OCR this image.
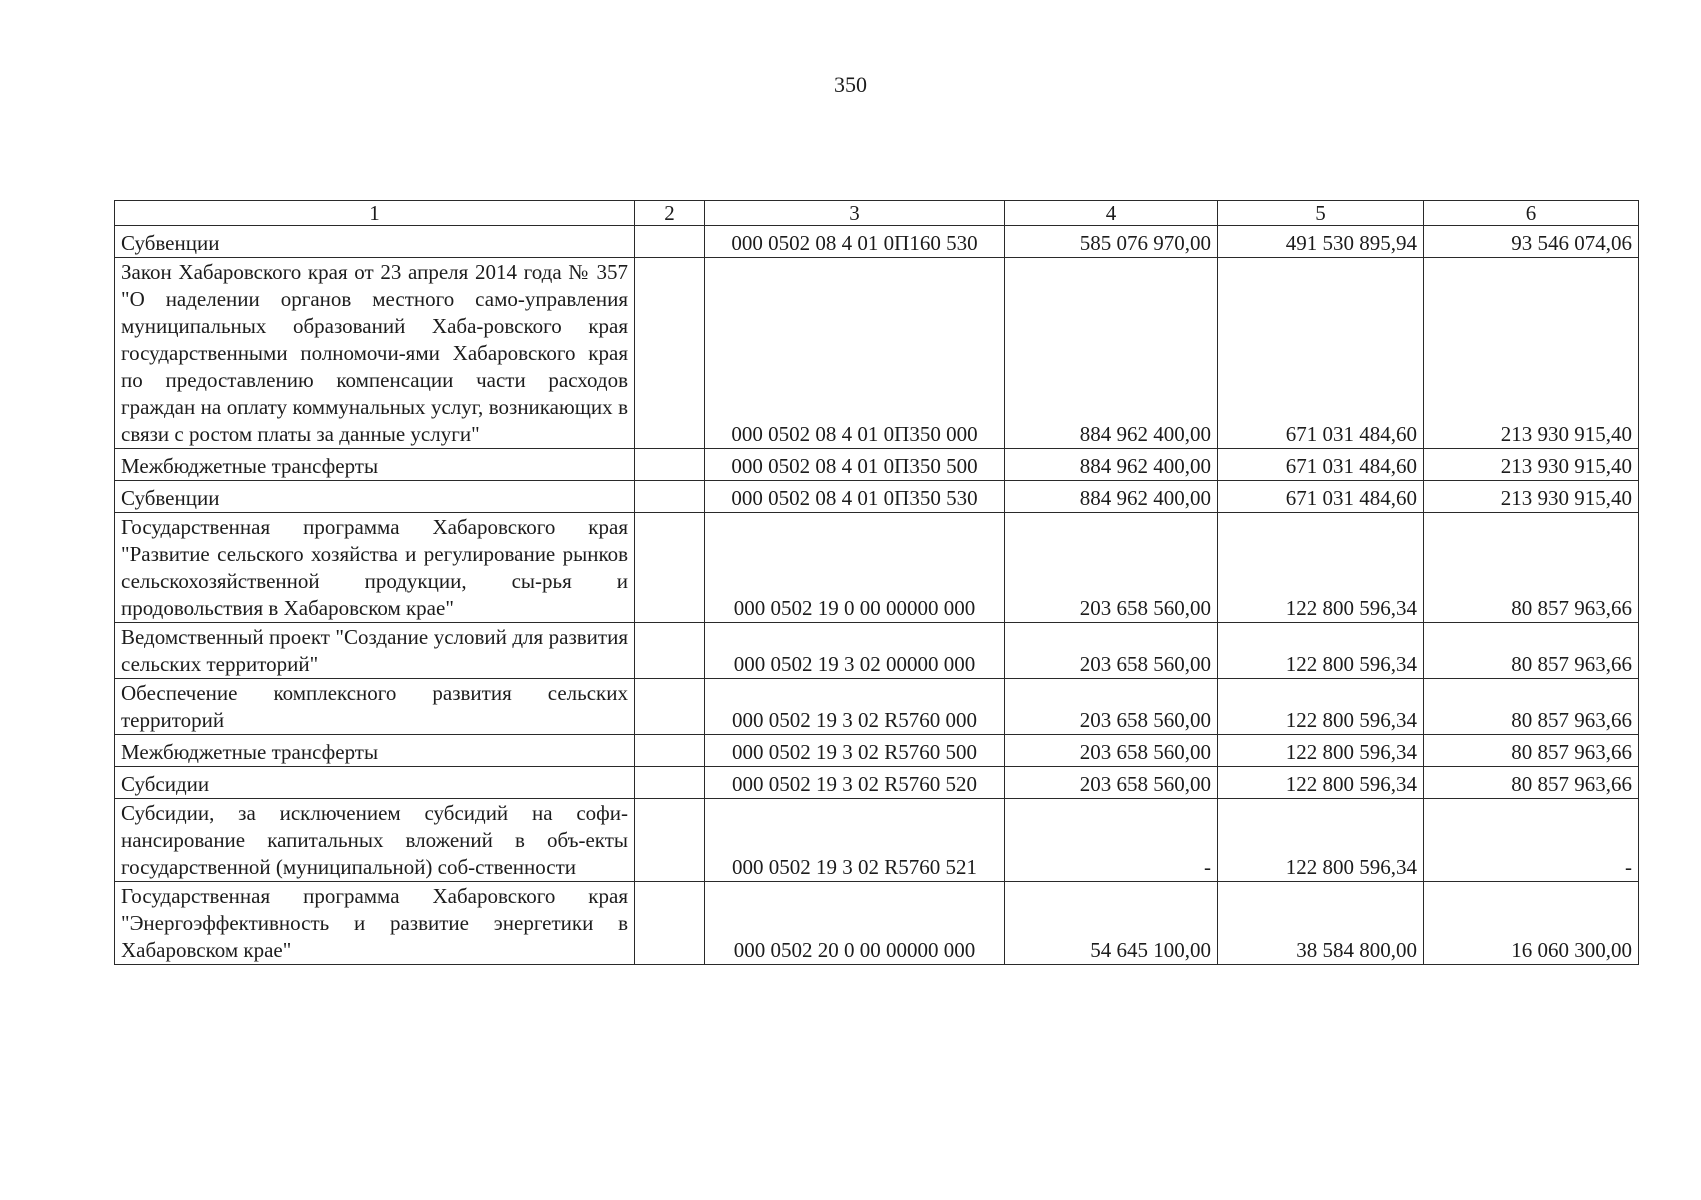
350
1	2	3	4	5	6
Субвенции		000 0502 08 4 01 0П160 530	585 076 970,00	491 530 895,94	93 546 074,06
Закон Хабаровского края от 23 апреля 2014 года № 357 "О наделении органов местного само-управления муниципальных образований Хаба-ровского края государственными полномочи-ями Хабаровского края по предоставлению компенсации части расходов граждан на оплату коммунальных услуг, возникающих в связи с ростом платы за данные услуги"		000 0502 08 4 01 0П350 000	884 962 400,00	671 031 484,60	213 930 915,40
Межбюджетные трансферты		000 0502 08 4 01 0П350 500	884 962 400,00	671 031 484,60	213 930 915,40
Субвенции		000 0502 08 4 01 0П350 530	884 962 400,00	671 031 484,60	213 930 915,40
Государственная программа Хабаровского края "Развитие сельского хозяйства и регулирование рынков сельскохозяйственной продукции, сы-рья и продовольствия в Хабаровском крае"		000 0502 19 0 00 00000 000	203 658 560,00	122 800 596,34	80 857 963,66
Ведомственный проект "Создание условий для развития сельских территорий"		000 0502 19 3 02 00000 000	203 658 560,00	122 800 596,34	80 857 963,66
Обеспечение комплексного развития сельских территорий		000 0502 19 3 02 R5760 000	203 658 560,00	122 800 596,34	80 857 963,66
Межбюджетные трансферты		000 0502 19 3 02 R5760 500	203 658 560,00	122 800 596,34	80 857 963,66
Субсидии		000 0502 19 3 02 R5760 520	203 658 560,00	122 800 596,34	80 857 963,66
Субсидии, за исключением субсидий на софи-нансирование капитальных вложений в объ-екты государственной (муниципальной) соб-ственности		000 0502 19 3 02 R5760 521	-	122 800 596,34	-
Государственная программа Хабаровского края "Энергоэффективность и развитие энергетики в Хабаровском крае"		000 0502 20 0 00 00000 000	54 645 100,00	38 584 800,00	16 060 300,00
